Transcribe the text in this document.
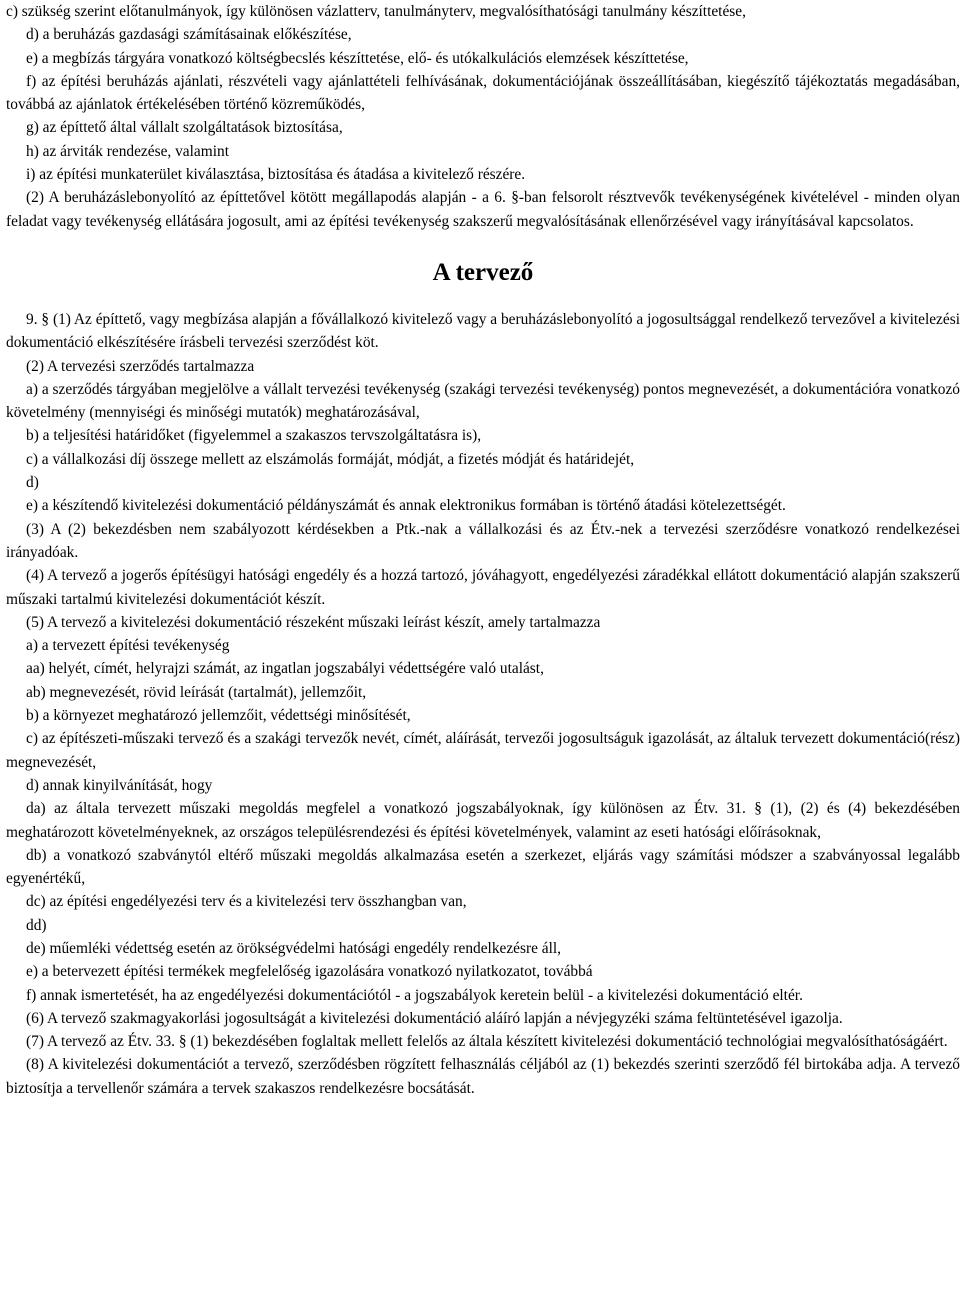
c) szükség szerint előtanulmányok, így különösen vázlatterv, tanulmányterv, megvalósíthatósági tanulmány készíttetése,

d) a beruházás gazdasági számításainak előkészítése,

e) a megbízás tárgyára vonatkozó költségbecslés készíttetése, elő- és utókalkulációs elemzések készíttetése,

f) az építési beruházás ajánlati, részvételi vagy ajánlattételi felhívásának, dokumentációjának összeállításában, kiegészítő tájékoztatás megadásában, továbbá az ajánlatok értékelésében történő közreműködés,

g) az építtető által vállalt szolgáltatások biztosítása,

h) az árviták rendezése, valamint

i) az építési munkaterület kiválasztása, biztosítása és átadása a kivitelező részére.

(2) A beruházáslebonyolító az építtetővel kötött megállapodás alapján - a 6. §-ban felsorolt résztvevők tevékenységének kivételével - minden olyan feladat vagy tevékenység ellátására jogosult, ami az építési tevékenység szakszerű megvalósításának ellenőrzésével vagy irányításával kapcsolatos.

A tervező

9. § (1) Az építtető, vagy megbízása alapján a fővállalkozó kivitelező vagy a beruházáslebonyolító a jogosultsággal rendelkező tervezővel a kivitelezési dokumentáció elkészítésére írásbeli tervezési szerződést köt.

(2) A tervezési szerződés tartalmazza

a) a szerződés tárgyában megjelölve a vállalt tervezési tevékenység (szakági tervezési tevékenység) pontos megnevezését, a dokumentációra vonatkozó követelmény (mennyiségi és minőségi mutatók) meghatározásával,

b) a teljesítési határidőket (figyelemmel a szakaszos tervszolgáltatásra is),

c) a vállalkozási díj összege mellett az elszámolás formáját, módját, a fizetés módját és határidejét,

d)

e) a készítendő kivitelezési dokumentáció példányszámát és annak elektronikus formában is történő átadási kötelezettségét.

(3) A (2) bekezdésben nem szabályozott kérdésekben a Ptk.-nak a vállalkozási és az Étv.-nek a tervezési szerződésre vonatkozó rendelkezései irányadóak.

(4) A tervező a jogerős építésügyi hatósági engedély és a hozzá tartozó, jóváhagyott, engedélyezési záradékkal ellátott dokumentáció alapján szakszerű műszaki tartalmú kivitelezési dokumentációt készít.

(5) A tervező a kivitelezési dokumentáció részeként műszaki leírást készít, amely tartalmazza

a) a tervezett építési tevékenység

aa) helyét, címét, helyrajzi számát, az ingatlan jogszabályi védettségére való utalást,

ab) megnevezését, rövid leírását (tartalmát), jellemzőit,

b) a környezet meghatározó jellemzőit, védettségi minősítését,

c) az építészeti-műszaki tervező és a szakági tervezők nevét, címét, aláírását, tervezői jogosultságuk igazolását, az általuk tervezett dokumentáció(rész) megnevezését,

d) annak kinyilvánítását, hogy

da) az általa tervezett műszaki megoldás megfelel a vonatkozó jogszabályoknak, így különösen az Étv. 31. § (1), (2) és (4) bekezdésében meghatározott követelményeknek, az országos településrendezési és építési követelmények, valamint az eseti hatósági előírásoknak,

db) a vonatkozó szabványtól eltérő műszaki megoldás alkalmazása esetén a szerkezet, eljárás vagy számítási módszer a szabványossal legalább egyenértékű,

dc) az építési engedélyezési terv és a kivitelezési terv összhangban van,

dd)

de) műemléki védettség esetén az örökségvédelmi hatósági engedély rendelkezésre áll,

e) a betervezett építési termékek megfelelőség igazolására vonatkozó nyilatkozatot, továbbá

f) annak ismertetését, ha az engedélyezési dokumentációtól - a jogszabályok keretein belül - a kivitelezési dokumentáció eltér.

(6) A tervező szakmagyakorlási jogosultságát a kivitelezési dokumentáció aláíró lapján a névjegyzéki száma feltüntetésével igazolja.

(7) A tervező az Étv. 33. § (1) bekezdésében foglaltak mellett felelős az általa készített kivitelezési dokumentáció technológiai megvalósíthatóságáért.

(8) A kivitelezési dokumentációt a tervező, szerződésben rögzített felhasználás céljából az (1) bekezdés szerinti szerződő fél birtokába adja. A tervező biztosítja a tervellenőr számára a tervek szakaszos rendelkezésre bocsátását.
